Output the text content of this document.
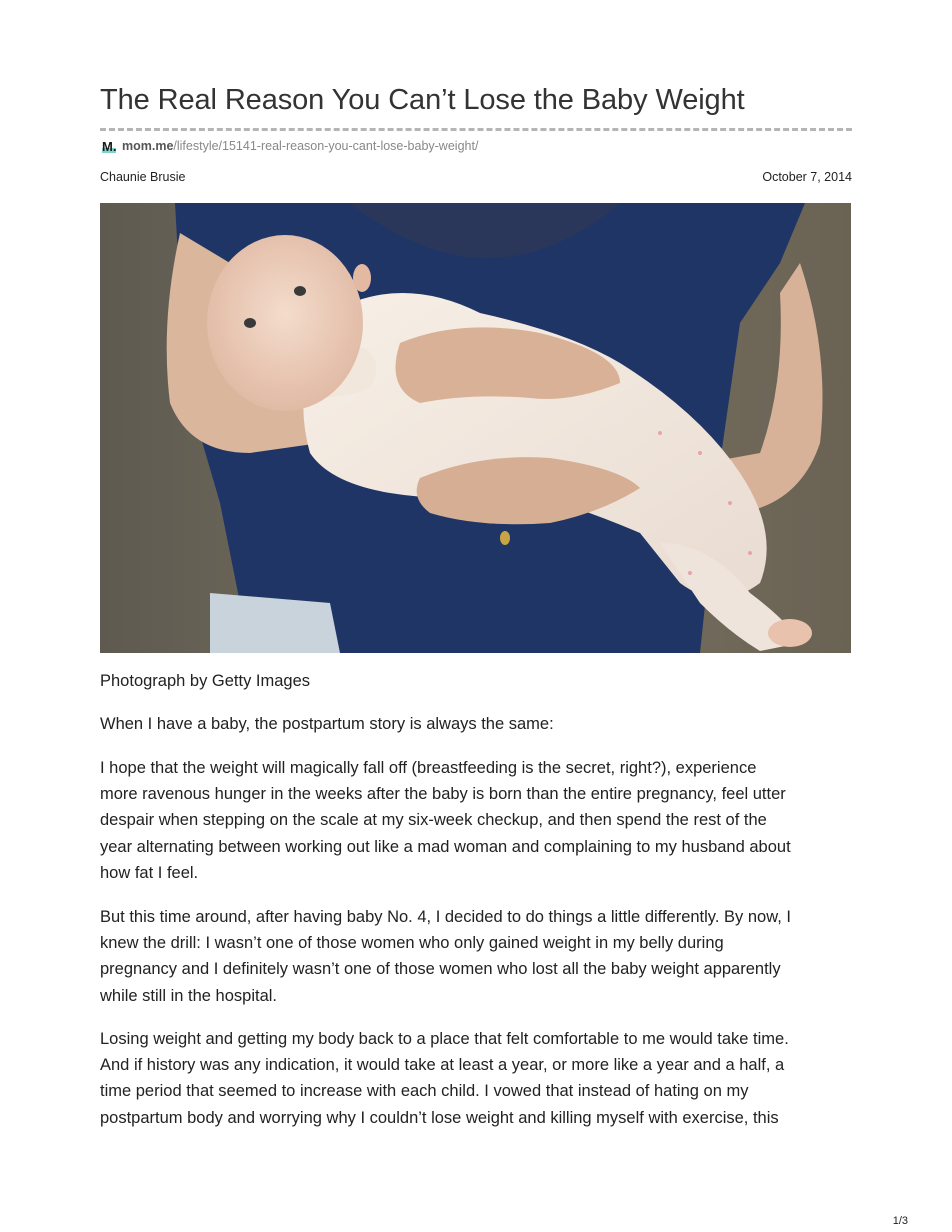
The Real Reason You Can’t Lose the Baby Weight
M. mom.me /lifestyle/15141-real-reason-you-cant-lose-baby-weight/
Chaunie Brusie	October 7, 2014

Photograph by Getty Images

When I have a baby, the postpartum story is always the same:

I hope that the weight will magically fall off (breastfeeding is the secret, right?), experience
more ravenous hunger in the weeks after the baby is born than the entire pregnancy, feel utter
despair when stepping on the scale at my six-week checkup, and then spend the rest of the
year alternating between working out like a mad woman and complaining to my husband about
how fat I feel.

But this time around, after having baby No. 4, I decided to do things a little differently. By now, I
knew the drill: I wasn’t one of those women who only gained weight in my belly during
pregnancy and I definitely wasn’t one of those women who lost all the baby weight apparently
while still in the hospital.

Losing weight and getting my body back to a place that felt comfortable to me would take time.
And if history was any indication, it would take at least a year, or more like a year and a half, a
time period that seemed to increase with each child. I vowed that instead of hating on my
postpartum body and worrying why I couldn’t lose weight and killing myself with exercise, this

1/3
